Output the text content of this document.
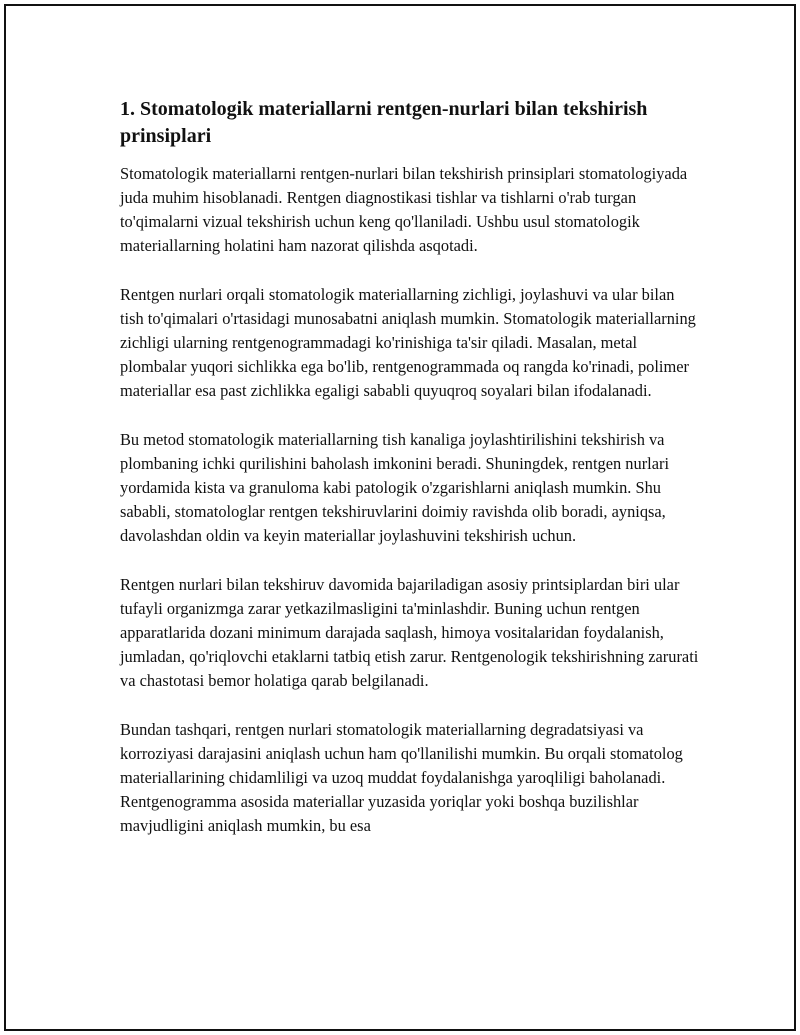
1. Stomatologik materiallarni rentgen-nurlari bilan tekshirish prinsiplari

Stomatologik materiallarni rentgen-nurlari bilan tekshirish prinsiplari stomatologiyada juda muhim hisoblanadi. Rentgen diagnostikasi tishlar va tishlarni o'rab turgan to'qimalarni vizual tekshirish uchun keng qo'llaniladi. Ushbu usul stomatologik materiallarning holatini ham nazorat qilishda asqotadi.

Rentgen nurlari orqali stomatologik materiallarning zichligi, joylashuvi va ular bilan tish to'qimalari o'rtasidagi munosabatni aniqlash mumkin. Stomatologik materiallarning zichligi ularning rentgenogrammadagi ko'rinishiga ta'sir qiladi. Masalan, metal plombalar yuqori sichlikka ega bo'lib, rentgenogrammada oq rangda ko'rinadi, polimer materiallar esa past zichlikka egaligi sababli quyuqroq soyalari bilan ifodalanadi.

Bu metod stomatologik materiallarning tish kanaliga joylashtirilishini tekshirish va plombaning ichki qurilishini baholash imkonini beradi. Shuningdek, rentgen nurlari yordamida kista va granuloma kabi patologik o'zgarishlarni aniqlash mumkin. Shu sababli, stomatologlar rentgen tekshiruvlarini doimiy ravishda olib boradi, ayniqsa, davolashdan oldin va keyin materiallar joylashuvini tekshirish uchun.

Rentgen nurlari bilan tekshiruv davomida bajariladigan asosiy printsiplardan biri ular tufayli organizmga zarar yetkazilmasligini ta'minlashdir. Buning uchun rentgen apparatlarida dozani minimum darajada saqlash, himoya vositalaridan foydalanish, jumladan, qo'riqlovchi etaklarni tatbiq etish zarur. Rentgenologik tekshirishning zarurati va chastotasi bemor holatiga qarab belgilanadi.

Bundan tashqari, rentgen nurlari stomatologik materiallarning degradatsiyasi va korroziyasi darajasini aniqlash uchun ham qo'llanilishi mumkin. Bu orqali stomatolog materiallarining chidamliligi va uzoq muddat foydalanishga yaroqliligi baholanadi. Rentgenogramma asosida materiallar yuzasida yoriqlar yoki boshqa buzilishlar mavjudligini aniqlash mumkin, bu esa
